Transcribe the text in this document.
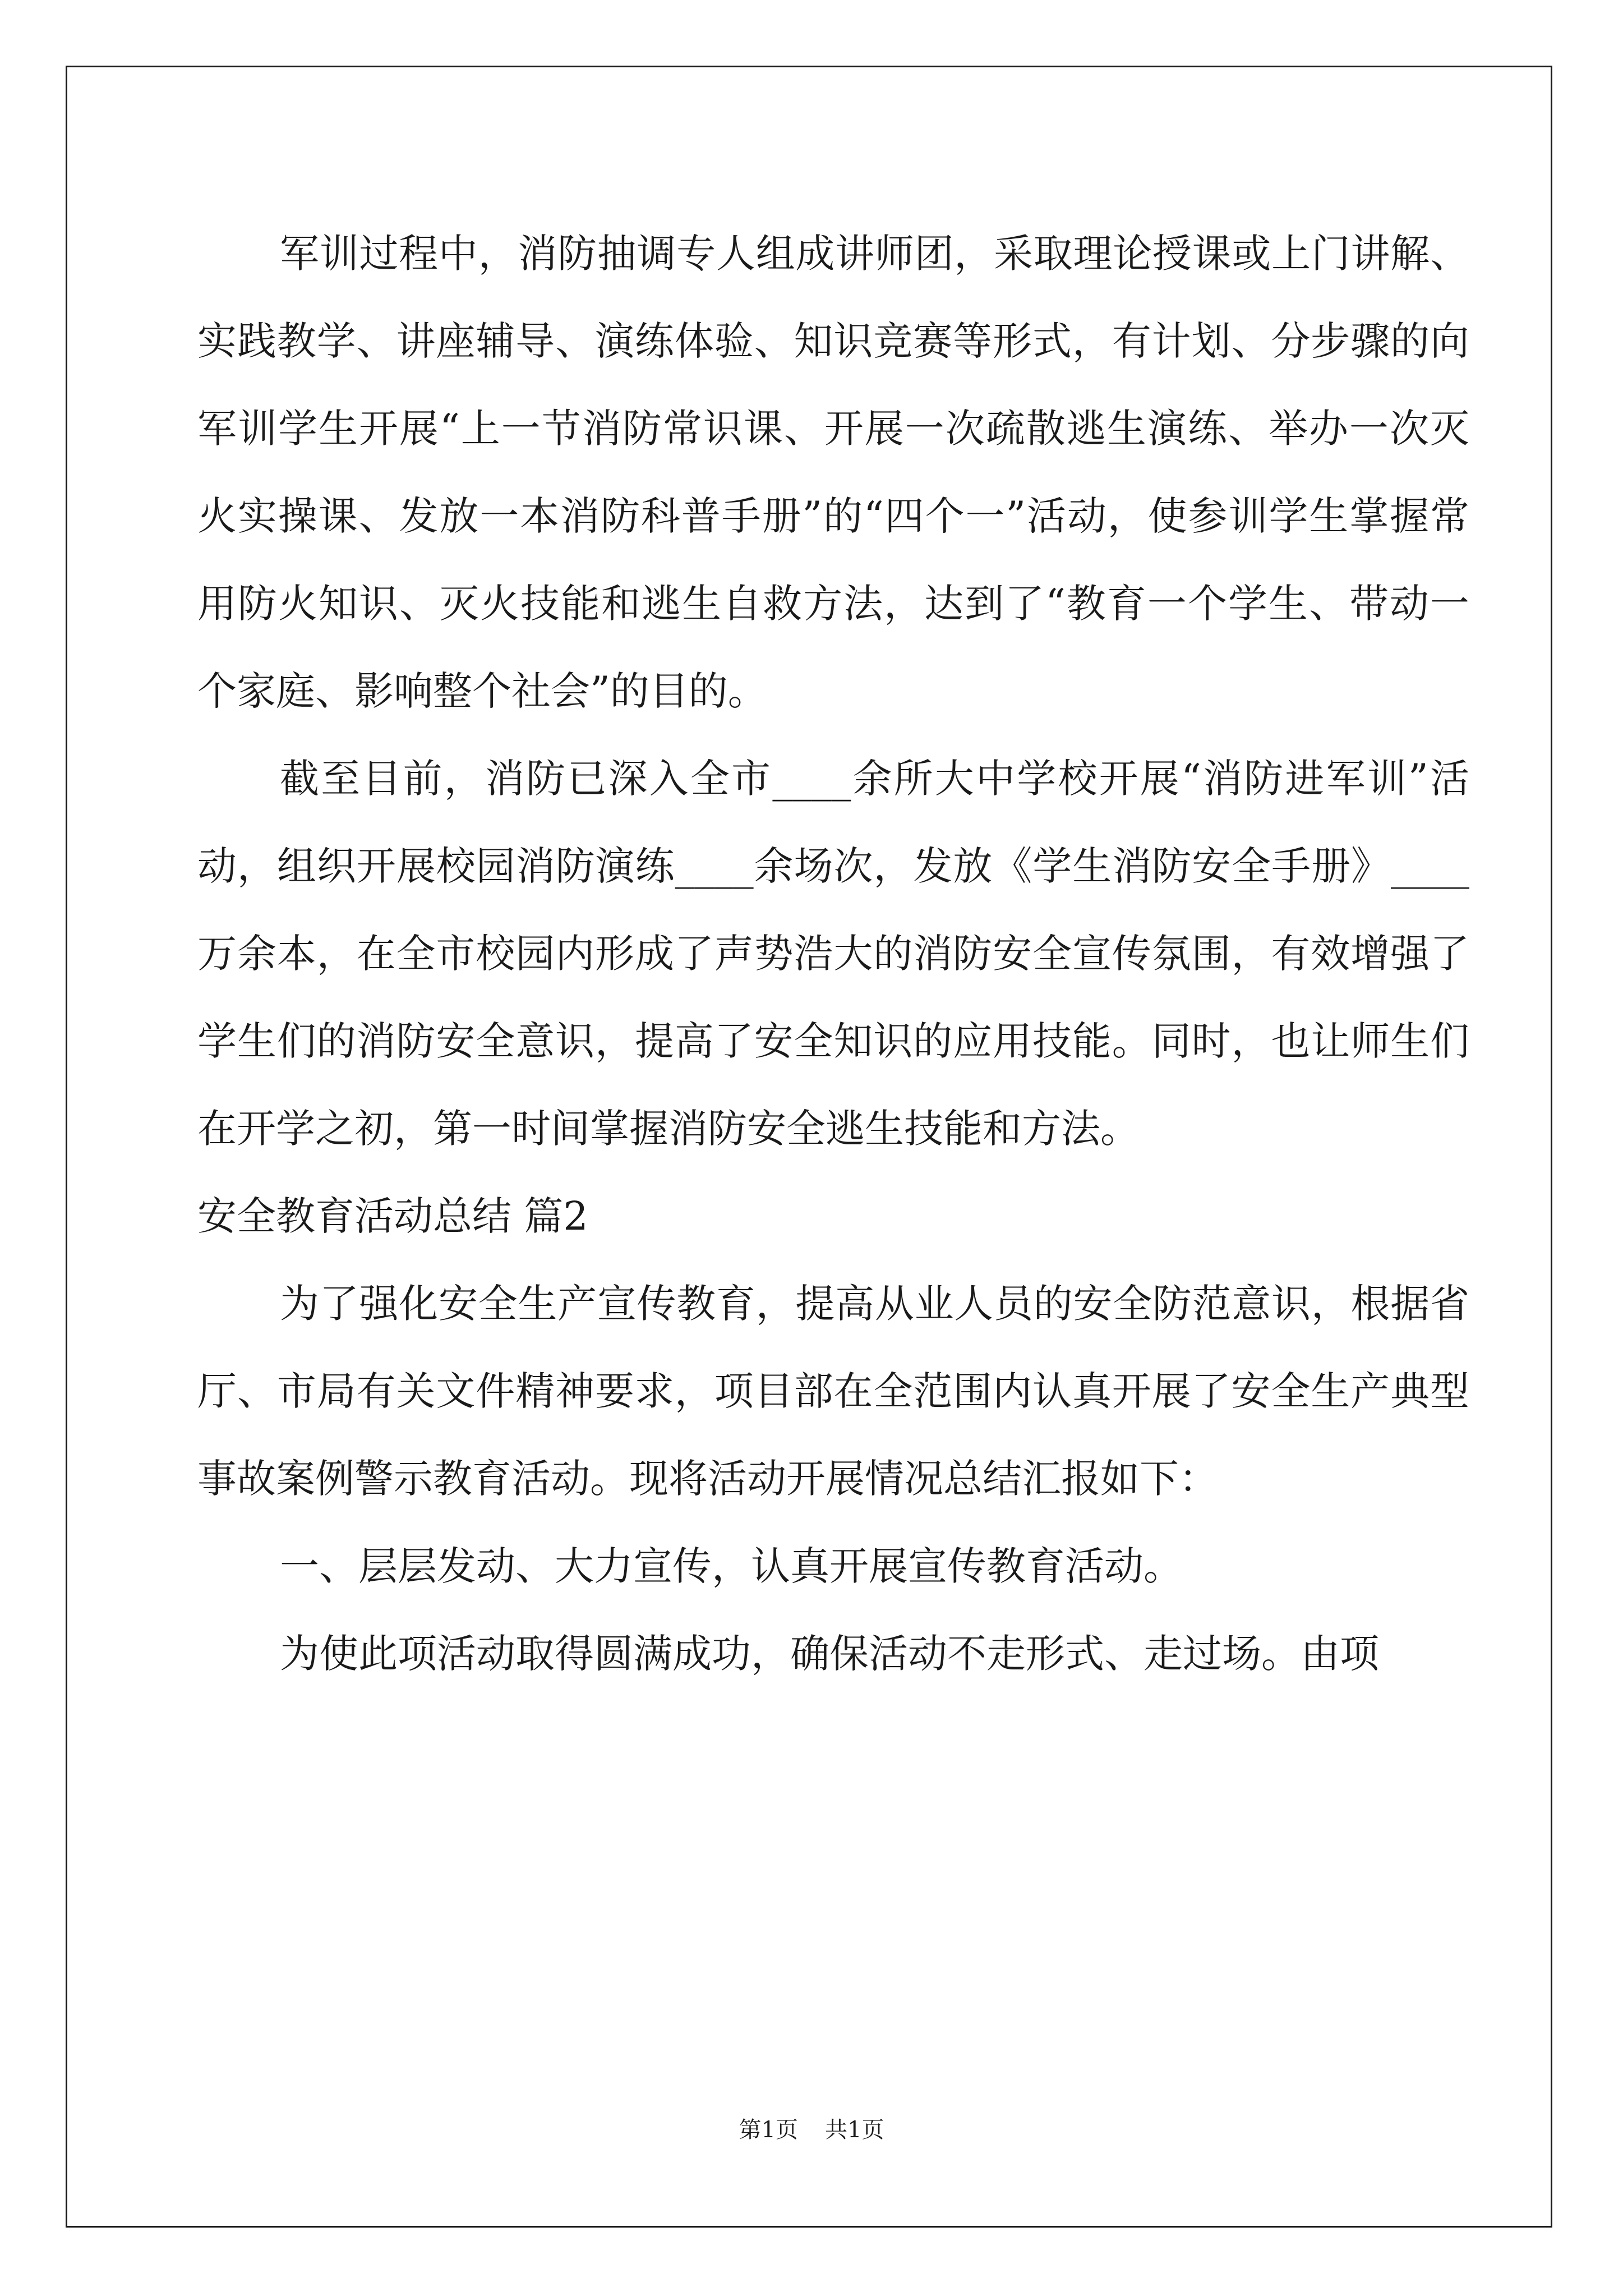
军训过程中，消防抽调专人组成讲师团，采取理论授课或上门讲解、实践教学、讲座辅导、演练体验、知识竞赛等形式，有计划、分步骤的向军训学生开展“上一节消防常识课、开展一次疏散逃生演练、举办一次灭火实操课、发放一本消防科普手册”的“四个一”活动，使参训学生掌握常用防火知识、灭火技能和逃生自救方法，达到了“教育一个学生、带动一个家庭、影响整个社会”的目的。

截至目前，消防已深入全市____余所大中学校开展“消防进军训”活动，组织开展校园消防演练____余场次，发放《学生消防安全手册》____万余本，在全市校园内形成了声势浩大的消防安全宣传氛围，有效增强了学生们的消防安全意识，提高了安全知识的应用技能。同时，也让师生们在开学之初，第一时间掌握消防安全逃生技能和方法。

安全教育活动总结 篇2

为了强化安全生产宣传教育，提高从业人员的安全防范意识，根据省厅、市局有关文件精神要求，项目部在全范围内认真开展了安全生产典型事故案例警示教育活动。现将活动开展情况总结汇报如下：

一、层层发动、大力宣传，认真开展宣传教育活动。

为使此项活动取得圆满成功，确保活动不走形式、走过场。由项

第1页 共1页
